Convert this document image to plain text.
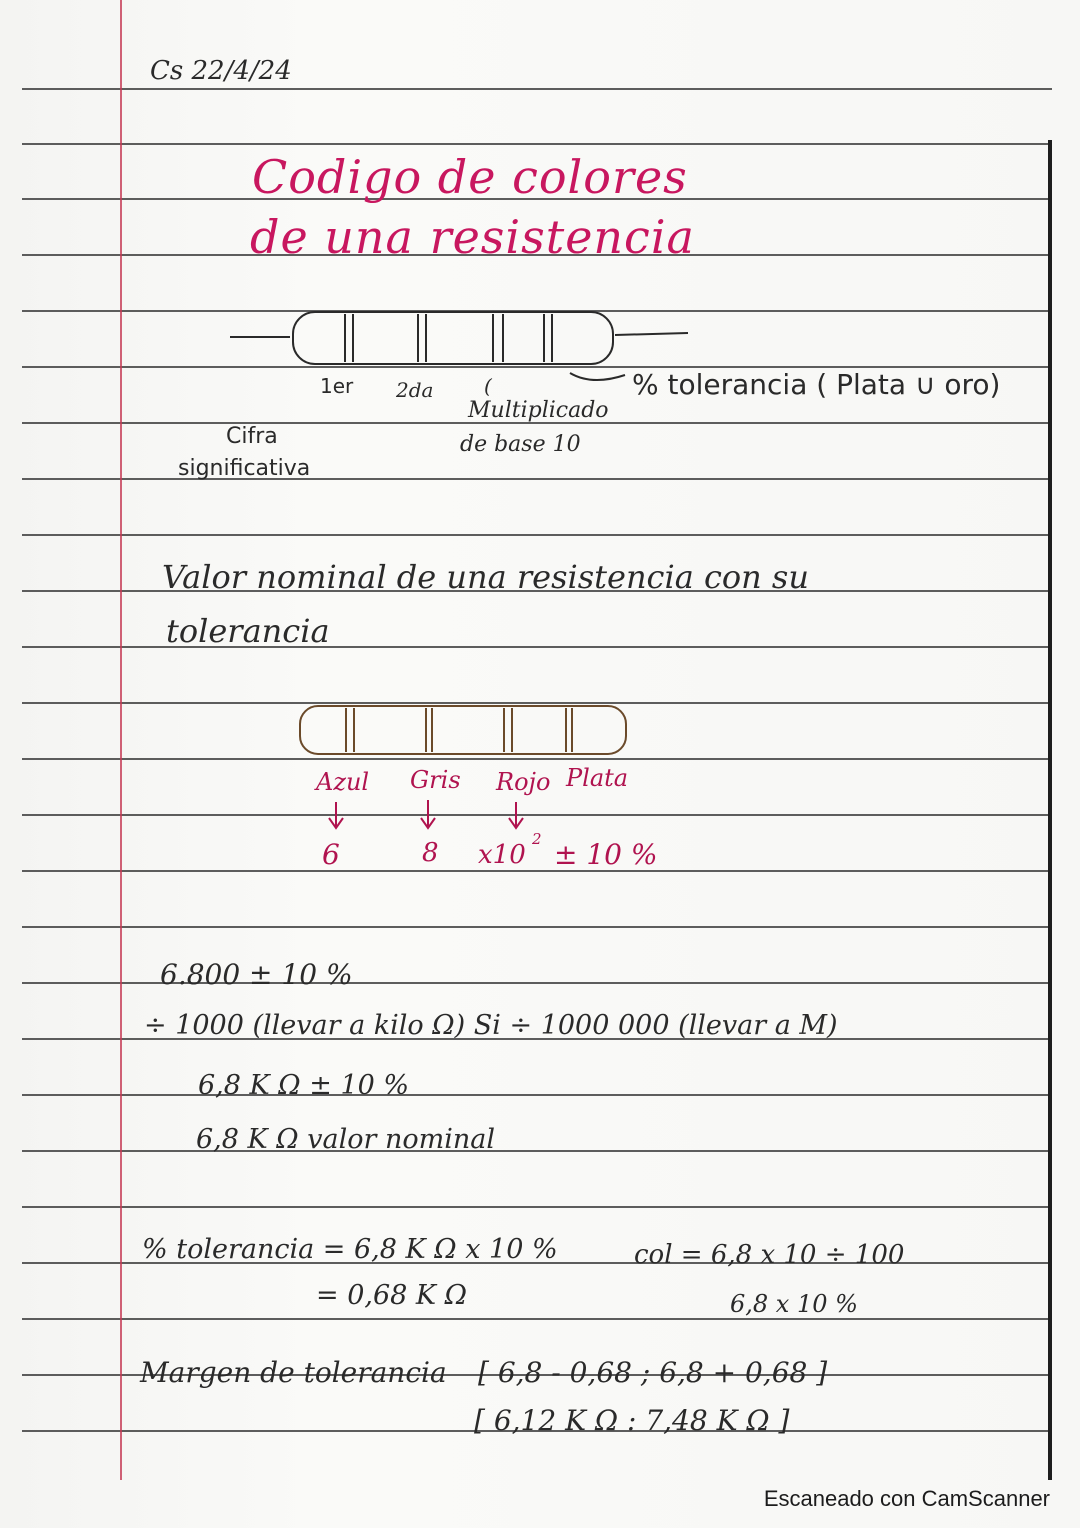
Cs 22/4/24
Codigo de colores
de una resistencia
1er 2da	(	% tolerancia ( Plata ∪ oro)
Cifra
significativa
Multiplicado
de base 10
Valor nominal de una resistencia con su
tolerancia
Azul Gris Rojo Plata
6	8 x10
2 ± 10 %
6.800 ± 10 %
÷ 1000 (llevar a kilo Ω) Si ÷ 1000 000 (llevar a M)
6,8 K Ω ± 10 %
6,8 K Ω valor nominal
% tolerancia = 6,8 K Ω x 10 %
= 0,68 K Ω
col = 6,8 x 10 ÷ 100
6,8 x 10 %
Margen de tolerancia [ 6,8 - 0,68 ; 6,8 + 0,68 ]
[ 6,12 K Ω : 7,48 K Ω ]
Escaneado con CamScanner
